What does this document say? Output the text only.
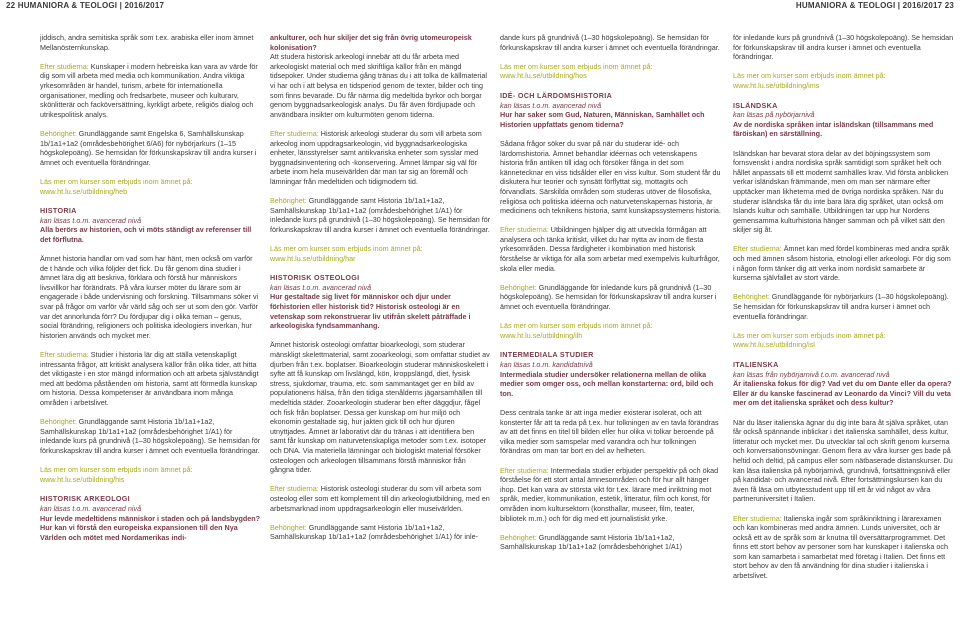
22 HUMANIORA & TEOLOGI | 2016/2017	HUMANIORA & TEOLOGI | 2016/2017 23

jiddisch, andra semitiska språk som t.ex. arabiska eller inom ämnet Mellanösternkunskap.

Efter studierna: Kunskaper i modern hebreiska kan vara av värde för dig som vill arbeta med media och kommunikation. Andra viktiga yrkesområden är handel, turism, arbete för internationella organisationer, medling och fredsarbete, museer och kulturarv, skönlitterär och facköversättning, kyrkligt arbete, religiös dialog och utrikespolitisk analys.

Behörighet: Grundläggande samt Engelska 6, Samhällskunskap 1b/1a1+1a2 (områdesbehörighet 6/A6) för nybörjarkurs (1–15 högskolepoäng). Se hemsidan för förkunskapskrav till andra kurser i ämnet och eventuella förändringar.

Läs mer om kurser som erbjuds inom ämnet på:
www.ht.lu.se/utbildning/heb

HISTORIA
kan läsas t.o.m. avancerad nivå
Alla berörs av historien, och vi möts ständigt av referenser till det förflutna.

Ämnet historia handlar om vad som har hänt, men också om varför de t hände och vilka följder det fick. Du får genom dina studier i ämnet lära dig att beskriva, förklara och förstå hur människors livsvillkor har förändrats. På våra kurser möter du lärare som är engagerade i både undervisning och forskning. Tillsammans söker vi svar på frågor om varför vår värld såg och ser ut som den gör. Varför var det annorlunda förr? Du fördjupar dig i olika teman – genus, social förändring, religioners och politiska ideologiers inverkan, hur historien används och mycket mer.

Efter studierna: Studier i historia lär dig att ställa vetenskapligt intressanta frågor, att kritiskt analysera källor från olika tider, att hitta det viktigaste i en stor mängd information och att arbeta självständigt med att bedöma påståenden om historia, samt att förmedla kunskap om historia. Dessa kompetenser är användbara inom många områden i arbetslivet.

Behörighet: Grundläggande samt Historia 1b/1a1+1a2, Samhällskunskap 1b/1a1+1a2 (områdesbehörighet 1/A1) för inledande kurs på grundnivå (1–30 högskolepoäng). Se hemsidan för förkunskapskrav till andra kurser i ämnet och eventuella förändringar.

Läs mer om kurser som erbjuds inom ämnet på:
www.ht.lu.se/utbildning/his

HISTORISK ARKEOLOGI
kan läsas t.o.m. avancerad nivå
Hur levde medeltidens människor i staden och på landsbygden? Hur kan vi förstå den europeiska expansionen till den Nya Världen och mötet med Nordamerikas indi-
ankulturer, och hur skiljer det sig från övrig utomeuropeisk kolonisation?

Att studera historisk arkeologi innebär att du får arbeta med arkeologiskt material och med skriftliga källor från en mängd tidsepoker. Under studierna gång tränas du i att tolka de källmaterial vi har och i att belysa en tidsperiod genom de texter, bilder och ting som finns bevarade. Du får närma dig medeltida byrkor och borgar genom byggnadsarkeologisk analys. Du får även fördjupade och användbara insikter om kulturmöten genom tiderna.

Efter studierna: Historisk arkeologi studerar du som vill arbeta som arkeolog inom uppdragsarkeologin, vid byggnadsarkeologiska enheter, länsstyrelser samt antikvariska enheter som sysslar med byggnadsinventering och -konservering. Ämnet lämpar sig väl för arbete inom hela museivärlden där man tar sig an föremål och lämningar från medeltiden och tidigmodern tid.

Behörighet: Grundläggande samt Historia 1b/1a1+1a2, Samhällskunskap 1b/1a1+1a2 (områdesbehörighet 1/A1) för inledande kurs på grundnivå (1–30 högskolepoäng). Se hemsidan för förkunskapskrav till andra kurser i ämnet och eventuella förändringar.

Läs mer om kurser som erbjuds inom ämnet på:
www.ht.lu.se/utbildning/har

HISTORISK OSTEOLOGI
kan läsas t.o.m. avancerad nivå
Hur gestaltade sig livet för människor och djur under förhistorien eller historisk tid? Historisk osteologi är en vetenskap som rekonstruerar liv utifrån skelett påträffade i arkeologiska fyndsammanhang.

Ämnet historisk osteologi omfattar bioarkeologi, som studerar mänskligt skelettmaterial, samt zooarkeologi, som omfattar studiet av djurben från t.ex. boplatser. Bioarkeologin studerar människoskelett i syfte att få kunskap om livslängd, kön, kroppslängd, diet, fysisk stress, sjukdomar, trauma, etc. som sammantaget ger en bild av populationens hälsa, från den tidiga stenålderns jägarsamhällen till medeltida städer. Zooarkeologin studerar ben efter däggdjur, fågel och fisk från boplatser. Dessa ger kunskap om hur miljö och ekonomin gestaltade sig, hur jakten gick till och hur djuren utnyttjades. Ämnet är laborativt där du tränas i att identifiera ben samt får kunskap om naturvetenskapliga metoder som t.ex. isotoper och DNA. Via materiella lämningar och biologiskt material försöker osteologen och arkeologen tillsammans förstå människor från gångna tider.

Efter studierna: Historisk osteologi studerar du som vill arbeta som osteolog eller som ett komplement till din arkeologiutbildning, med en arbetsmarknad inom uppdragsarkeologin eller museivärlden.

Behörighet: Grundläggande samt Historia 1b/1a1+1a2, Samhällskunskap 1b/1a1+1a2 (områdesbehörighet 1/A1) för inle-

dande kurs på grundnivå (1–30 högskolepoäng). Se hemsidan för förkunskapskrav till andra kurser i ämnet och eventuella förändringar.

Läs mer om kurser som erbjuds inom ämnet på:
www.ht.lu.se/utbildning/hos

IDÉ- OCH LÄRDOMSHISTORIA
kan läsas t.o.m. avancerad nivå
Hur har saker som Gud, Naturen, Människan, Samhället och Historien uppfattats genom tiderna?

Sådana frågor söker du svar på när du studerar idé- och lärdomshistoria. Ämnet behandlar idéernas och vetenskapens historia från antiken till idag och försöker fånga in det som kännetecknar en viss tidsålder eller en viss kultur. Som student får du diskutera hur teorier och synsätt förflyttat sig, mottagits och förvandlats. Särskilda områden som studeras utöver de filosofiska, religiösa och politiska idéerna och naturvetenskapernas historia, är medicinens och teknikens historia, samt kunskapssystemens historia.

Efter studierna: Utbildningen hjälper dig att utveckla förmågan att analysera och tänka kritiskt, vilket du har nytta av inom de flesta yrkesområden. Dessa färdigheter i kombination med historisk förståelse är viktiga för alla som arbetar med exempelvis kulturfrågor, skola eller media.

Behörighet: Grundläggande för inledande kurs på grundnivå (1–30 högskolepoäng). Se hemsidan för förkunskapskrav till andra kurser i ämnet och eventuella förändringar.

Läs mer om kurser som erbjuds inom ämnet på:
www.ht.lu.se/utbildning/ilh

INTERMEDIALA STUDIER
kan läsas t.o.m. kandidatnivå
Intermediala studier undersöker relationerna mellan de olika medier som omger oss, och mellan konstarterna: ord, bild och ton.

Dess centrala tanke är att inga medier existerar isolerat, och att konsterter får att ta reda på t.ex. hur tolkningen av en tavla förändras av att det finns en titel till bilden eller hur olika vi tolkar beroende på vilka medier som samspelar med varandra och hur tolkningen förändras om man tar bort en del av helheten.

Efter studierna: Intermediala studier erbjuder perspektiv på och ökad förståelse för ett stort antal ämnesområden och för hur allt hänger ihop. Det kan vara av största vikt för t.ex. lärare med inriktning mot språk, medier, kommunikation, estetik, litteratur, film och konst, för områden inom kultursektorn (konsthallar, museer, film, teater, bibliotek m.m.) och för dig med ett journalistiskt yrke.

Behörighet: Grundläggande samt Historia 1b/1a1+1a2, Samhällskunskap 1b/1a1+1a2 (områdesbehörighet 1/A1)

för inledande kurs på grundnivå (1–30 högskolepoäng). Se hemsidan för förkunskapskrav till andra kurser i ämnet och eventuella förändringar.

Läs mer om kurser som erbjuds inom ämnet på:
www.ht.lu.se/utbildning/ims

ISLÄNDSKA
kan läsas på nybörjarnivå
Av de nordiska språken intar isländskan (tillsammans med färöiskan) en särställning.

Isländskan har bevarat stora delar av det böjningssystem som fornsvenskt i andra nordiska språk samtidigt som språket helt och hållet anpassats till ett modernt samhälles krav. Vid första anblicken verkar isländskan främmande, men om man ser närmare efter upptäcker man likheterna med de övriga nordiska språken. När du studerar isländska får du inte bara lära dig språket, utan också om Islands kultur och samhälle. Utbildningen tar upp hur Nordens gemensamma kulturhistoria hänger samman och på vilket sätt den skiljer sig åt.

Efter studierna: Ämnet kan med fördel kombineras med andra språk och med ämnen såsom historia, etnologi eller arkeologi. För dig som i någon form tänker dig att verka inom nordiskt samarbete är kurserna självfallet av stort värde.

Behörighet: Grundläggande för nybörjarkurs (1–30 högskolepoäng). Se hemsidan för förkunskapskrav till andra kurser i ämnet och eventuella förändringar.

Läs mer om kurser som erbjuds inom ämnet på:
www.ht.lu.se/utbildning/isl

ITALIENSKA
kan läsas från nybörjarnivå t.o.m. avancerad nivå
Är italienska fokus för dig? Vad vet du om Dante eller da opera? Eller är du kanske fascinerad av Leonardo da Vinci? Vill du veta mer om det italienska språket och dess kultur?

När du läser italienska ägnar du dig inte bara åt själva språket, utan får också spännande inblickar i det italienska samhället, dess kultur, litteratur och mycket mer. Du utvecklar tal och skrift genom kurserna och konversationsövningar. Genom flera av våra kurser ges bade på heltid och deltid, på campus eller som nätbaserade distanskurser. Du kan läsa italienska på nybörjarnivå, grundnivå, fortsättningsnivå eller på kandidat- och avancerad nivå. Efter fortsättningskursen kan du även få läsa om utbytesstudent upp till ett år vid något av våra partneruniversitet i Italien.

Efter studierna: Italienska ingår som språkinriktning i lärarexamen och kan kombineras med andra ämnen. Lunds universitet, och är också ett av de språk som är knutna till översättarprogrammet. Det finns ett stort behov av personer som har kunskaper i italienska och som kan samarbeta i samarbetat med företag i Italien. Det finns ett stort behov av den få användning för dina studier i italienska i arbetslivet.
